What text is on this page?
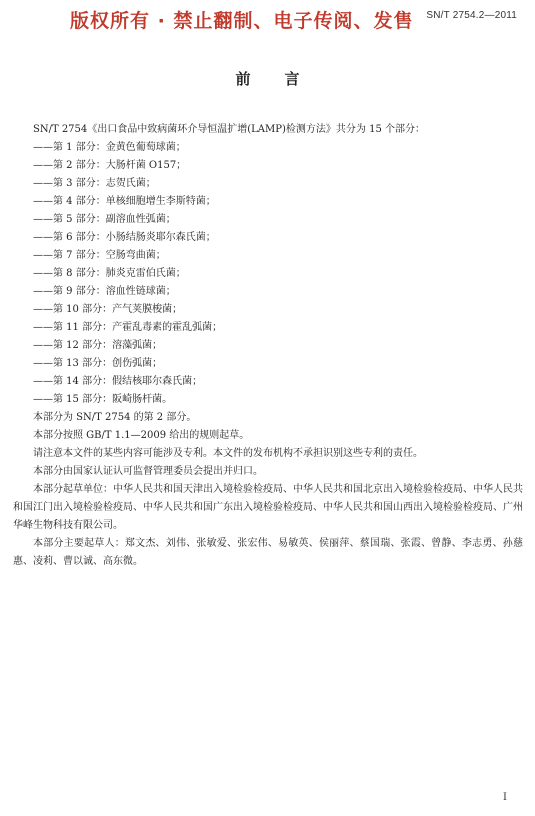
SN/T 2754.2—2011
版权所有 · 禁止翻制、电子传阅、发售
前言
SN/T 2754《出口食品中致病菌环介导恒温扩增(LAMP)检测方法》共分为 15 个部分：
——第 1 部分：金黄色葡萄球菌；
——第 2 部分：大肠杆菌 O157；
——第 3 部分：志贺氏菌；
——第 4 部分：单核细胞增生李斯特菌；
——第 5 部分：副溶血性弧菌；
——第 6 部分：小肠结肠炎耶尔森氏菌；
——第 7 部分：空肠弯曲菌；
——第 8 部分：肺炎克雷伯氏菌；
——第 9 部分：溶血性链球菌；
——第 10 部分：产气荚膜梭菌；
——第 11 部分：产霍乱毒素的霍乱弧菌；
——第 12 部分：溶藻弧菌；
——第 13 部分：创伤弧菌；
——第 14 部分：假结核耶尔森氏菌；
——第 15 部分：阪崎肠杆菌。
本部分为 SN/T 2754 的第 2 部分。
本部分按照 GB/T 1.1—2009 给出的规则起草。
请注意本文件的某些内容可能涉及专利。本文件的发布机构不承担识别这些专利的责任。
本部分由国家认证认可监督管理委员会提出并归口。
本部分起草单位：中华人民共和国天津出入境检验检疫局、中华人民共和国北京出入境检验检疫局、中华人民共和国江门出入境检验检疫局、中华人民共和国广东出入境检验检疫局、中华人民共和国山西出入境检验检疫局、广州华峰生物科技有限公司。
本部分主要起草人：郑文杰、刘伟、张敏爱、张宏伟、易敏英、侯丽萍、蔡国瑞、张霞、曾静、李志勇、孙慈惠、凌莉、曹以诚、高东微。
I
